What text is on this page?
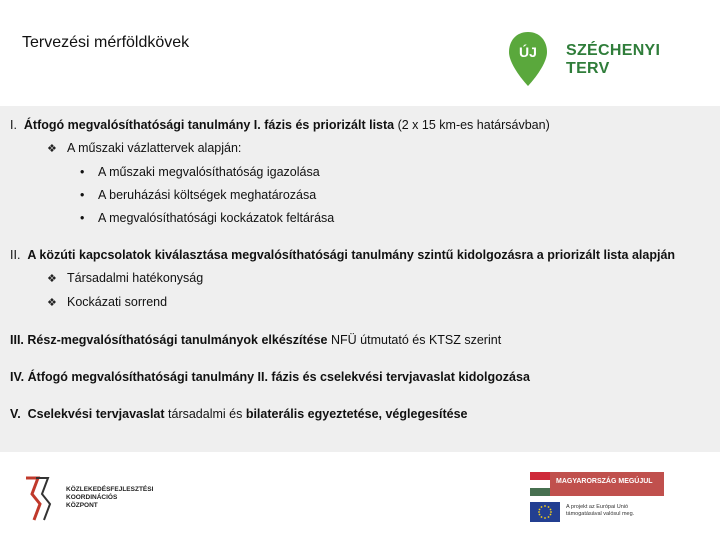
Tervezési mérföldkövek
ÚJ SZÉCHENYI TERV

I. Átfogó megvalósíthatósági tanulmány I. fázis és priorizált lista (2 x 15 km-es határsávban)

❖ A műszaki vázlattervek alapján:

• A műszaki megvalósíthatóság igazolása

• A beruházási költségek meghatározása

• A megvalósíthatósági kockázatok feltárása

II. A közúti kapcsolatok kiválasztása megvalósíthatósági tanulmány szintű kidolgozásra a priorizált lista alapján

❖ Társadalmi hatékonyság

❖ Kockázati sorrend

III. Rész-megvalósíthatósági tanulmányok elkészítése NFÜ útmutató és KTSZ szerint

IV. Átfogó megvalósíthatósági tanulmány II. fázis és cselekvési tervjavaslat kidolgozása

V. Cselekvési tervjavaslat társadalmi és bilaterális egyeztetése, véglegesítése

KÖZLEKEDÉSFEJLESZTÉSI
KOORDINÁCIÓS
KÖZPONT
MAGYARORSZÁG MEGÚJUL
A projekt az Európai Unió
támogatásával valósul meg.
